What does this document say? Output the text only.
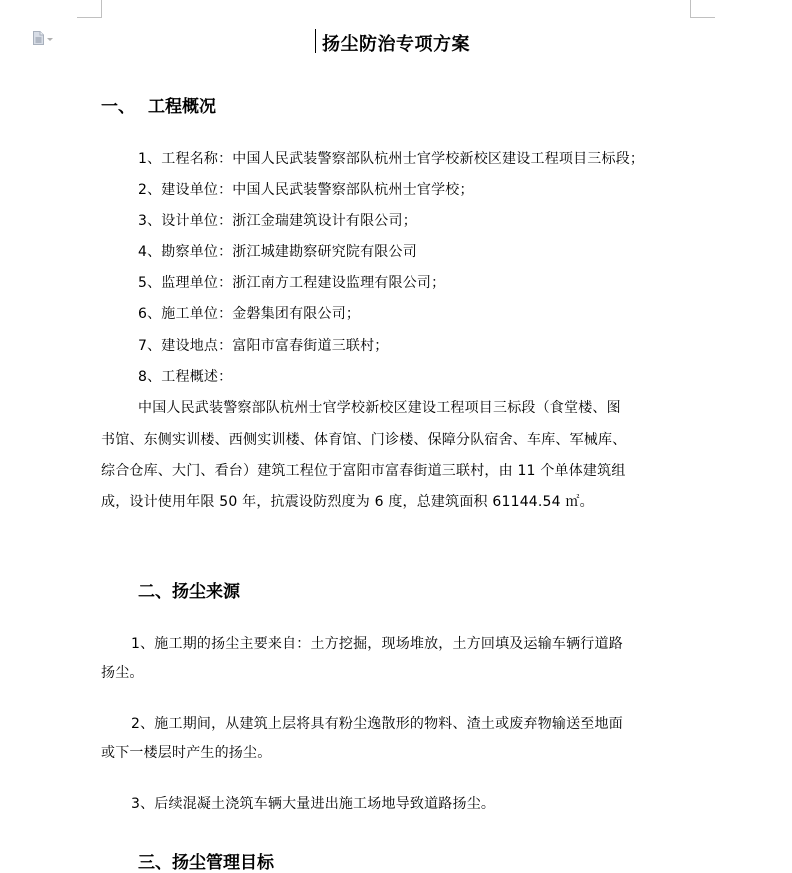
扬尘防治专项方案
一、 工程概况
1、工程名称：中国人民武装警察部队杭州士官学校新校区建设工程项目三标段；
2、建设单位：中国人民武装警察部队杭州士官学校；
3、设计单位：浙江金瑞建筑设计有限公司；
4、勘察单位：浙江城建勘察研究院有限公司
5、监理单位：浙江南方工程建设监理有限公司；
6、施工单位：金磐集团有限公司；
7、建设地点：富阳市富春街道三联村；
8、工程概述：
中国人民武装警察部队杭州士官学校新校区建设工程项目三标段（食堂楼、图
书馆、东侧实训楼、西侧实训楼、体育馆、门诊楼、保障分队宿舍、车库、军械库、
综合仓库、大门、看台）建筑工程位于富阳市富春街道三联村，由 11 个单体建筑组
成，设计使用年限 50 年，抗震设防烈度为 6 度，总建筑面积 61144.54 ㎡。
二、扬尘来源
1、施工期的扬尘主要来自：土方挖掘，现场堆放，土方回填及运输车辆行道路
扬尘。
2、施工期间，从建筑上层将具有粉尘逸散形的物料、渣土或废弃物输送至地面
或下一楼层时产生的扬尘。
3、后续混凝土浇筑车辆大量进出施工场地导致道路扬尘。
三、扬尘管理目标
